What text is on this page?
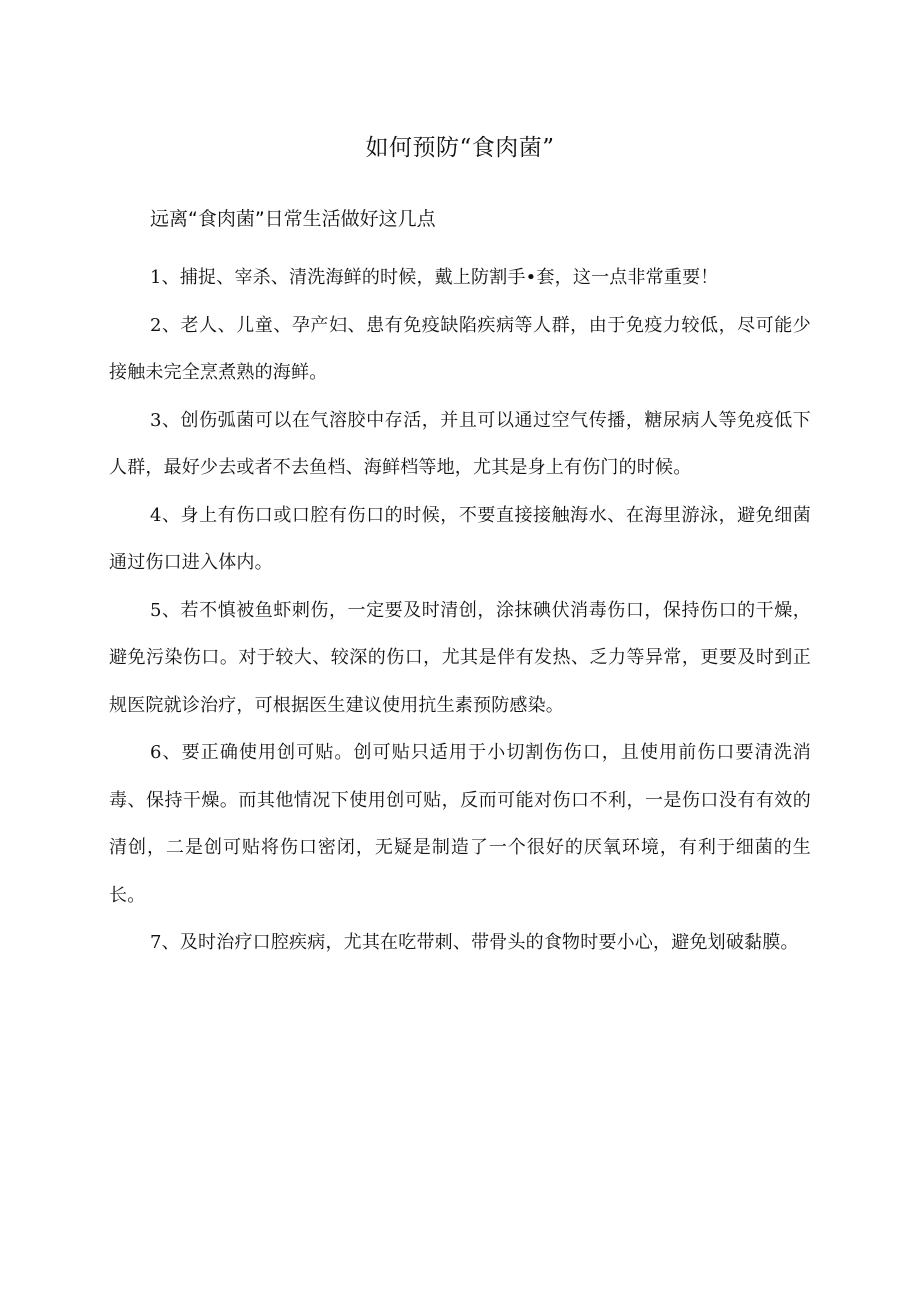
如何预防“食肉菌”
远离“食肉菌”日常生活做好这几点

1、捕捉、宰杀、清洗海鲜的时候，戴上防割手•套，这一点非常重要！

2、老人、儿童、孕产妇、患有免疫缺陷疾病等人群，由于免疫力较低，尽可能少接触未完全烹煮熟的海鲜。

3、创伤弧菌可以在气溶胶中存活，并且可以通过空气传播，糖尿病人等免疫低下人群，最好少去或者不去鱼档、海鲜档等地，尤其是身上有伤门的时候。

4、身上有伤口或口腔有伤口的时候，不要直接接触海水、在海里游泳，避免细菌通过伤口进入体内。

5、若不慎被鱼虾刺伤，一定要及时清创，涂抹碘伏消毒伤口，保持伤口的干燥，避免污染伤口。对于较大、较深的伤口，尤其是伴有发热、乏力等异常，更要及时到正规医院就诊治疗，可根据医生建议使用抗生素预防感染。

6、要正确使用创可贴。创可贴只适用于小切割伤伤口，且使用前伤口要清洗消毒、保持干燥。而其他情况下使用创可贴，反而可能对伤口不利，一是伤口没有有效的清创，二是创可贴将伤口密闭，无疑是制造了一个很好的厌氧环境，有利于细菌的生长。

7、及时治疗口腔疾病，尤其在吃带刺、带骨头的食物时要小心，避免划破黏膜。
